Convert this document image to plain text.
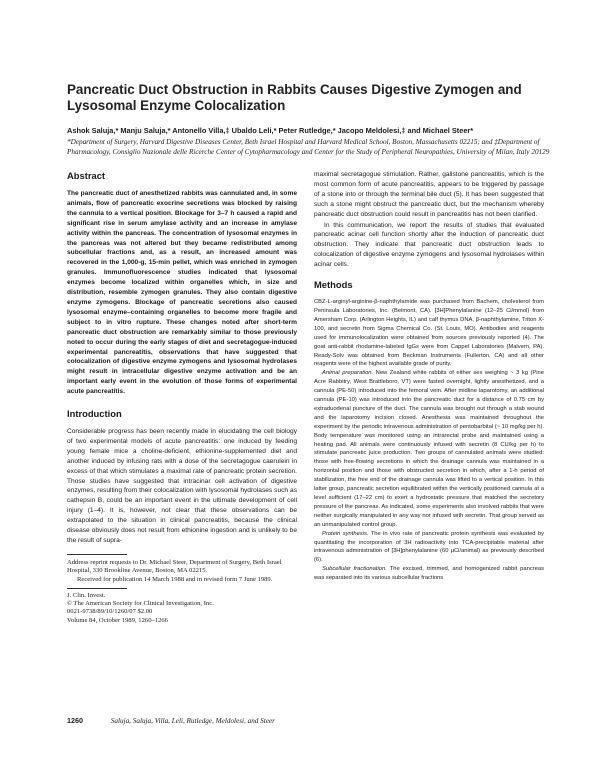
Pancreatic Duct Obstruction in Rabbits Causes Digestive Zymogen and Lysosomal Enzyme Colocalization
Ashok Saluja,* Manju Saluja,* Antonello Villa,‡ Ubaldo Leli,* Peter Rutledge,* Jacopo Meldolesi,‡ and Michael Steer*
*Department of Surgery, Harvard Digestive Diseases Center, Beth Israel Hospital and Harvard Medical School, Boston, Massachusetts 02215; and ‡Department of Pharmacology, Consiglio Nazionale delle Ricerche Center of Cytopharmacology and Center for the Study of Peripheral Neuropathies, University of Milan, Italy 20129
Abstract

The pancreatic duct of anesthetized rabbits was cannulated and, in some animals, flow of pancreatic exocrine secretions was blocked by raising the cannula to a vertical position. Blockage for 3–7 h caused a rapid and significant rise in serum amylase activity and an increase in amylase activity within the pancreas. The concentration of lysosomal enzymes in the pancreas was not altered but they became redistributed among subcellular fractions and, as a result, an increased amount was recovered in the 1,000-g, 15-min pellet, which was enriched in zymogen granules. Immunofluorescence studies indicated that lysosomal enzymes become localized within organelles which, in size and distribution, resemble zymogen granules. They also contain digestive enzyme zymogens. Blockage of pancreatic secretions also caused lysosomal enzyme–containing organelles to become more fragile and subject to in vitro rupture. These changes noted after short-term pancreatic duct obstruction are remarkably similar to those previously noted to occur during the early stages of diet and secretagogue-induced experimental pancreatitis, observations that have suggested that colocalization of digestive enzyme zymogens and lysosomal hydrolases might result in intracellular digestive enzyme activation and be an important early event in the evolution of those forms of experimental acute pancreatitis.

Introduction

Considerable progress has been recently made in elucidating the cell biology of two experimental models of acute pancreatitis: one induced by feeding young female mice a choline-deficient, ethionine-supplemented diet and another induced by infusing rats with a dose of the secretagogue caerulein in excess of that which stimulates a maximal rate of pancreatic protein secretion. Those studies have suggested that intracinar cell activation of digestive enzymes, resulting from their colocalization with lysosomal hydrolases such as cathepsin B, could be an important event in the ultimate development of cell injury (1–4). It is, however, not clear that these observations can be extrapolated to the situation in clinical pancreatitis, because the clinical disease obviously does not result from ethionine ingestion and is unlikely to be the result of supra-

Address reprint requests to Dr. Michael Steer, Department of Surgery, Beth Israel Hospital, 330 Brookline Avenue, Boston, MA 02215.
Received for publication 14 March 1988 and in revised form 7 June 1989.
J. Clin. Invest.
© The American Society for Clinical Investigation, Inc.
0021-9738/89/10/1260/07 $2.00
Volume 84, October 1989, 1260–1266

maximal secretagogue stimulation. Rather, gallstone pancreatitis, which is the most common form of acute pancreatitis, appears to be triggered by passage of a stone into or through the terminal bile duct (5). It has been suggested that such a stone might obstruct the pancreatic duct, but the mechanism whereby pancreatic duct obstruction could result in pancreatitis has not been clarified.

In this communication, we report the results of studies that evaluated pancreatic acinar cell function shortly after the induction of pancreatic duct obstruction. They indicate that pancreatic duct obstruction leads to colocalization of digestive enzyme zymogens and lysosomal hydrolases within acinar cells.

Methods

CBZ-L-arginyl-arginine-β-naphthylamide was purchased from Bachem, cholesterol from Peninsula Laboratories, Inc. (Belmont, CA). [3H]Phenylalanine (12–25 Ci/mmol) from Amersham Corp. (Arlington Heights, IL) and calf thymus DNA, β-naphthylamine, Triton X-100, and secretin from Sigma Chemical Co. (St. Louis, MO). Antibodies and reagents used for immunolocalization were obtained from sources previously reported (4). The goat anti-rabbit rhodamine-labeled IgGs were from Cappel Laboratories (Malvern, PA). Ready-Solv was obtained from Beckman Instruments (Fullerton, CA) and all other reagents were of the highest available grade of purity.

Animal preparation. New Zealand white rabbits of either sex weighing ~ 3 kg (Pine Acre Rabbitry, West Brattleboro, VT) were fasted overnight, lightly anesthetized, and a cannula (PE-50) introduced into the femoral vein. After midline laparotomy, an additional cannula (PE-10) was introduced into the pancreatic duct for a distance of 0.75 cm by extraduodenal puncture of the duct. The cannula was brought out through a stab wound and the laparotomy incision closed. Anesthesia was maintained throughout the experiment by the periodic intravenous administration of pentobarbital (~ 10 mg/kg per h). Body temperature was monitored using an intrarectal probe and maintained using a heating pad. All animals were continuously infused with secretin (8 CU/kg per h) to stimulate pancreatic juice production. Two groups of cannulated animals were studied: those with free-flowing secretions in which the drainage cannula was maintained in a horizontal position and those with obstructed secretion in which, after a 1-h period of stabilization, the free end of the drainage cannula was lifted to a vertical position. In this latter group, pancreatic secretion equilibrated within the vertically positioned cannula at a level sufficient (17–22 cm) to exert a hydrostatic pressure that matched the secretory pressure of the pancreas. As indicated, some experiments also involved rabbits that were neither surgically manipulated in any way nor infused with secretin. That group served as an unmanipulated control group.

Protein synthesis. The in vivo rate of pancreatic protein synthesis was evaluated by quantitating the incorporation of 3H radioactivity into TCA-precipitable material after intravenous administration of [3H]phenylalanine (60 μCi/animal) as previously described (6).

Subcellular fractionation. The excised, trimmed, and homogenized rabbit pancreas was separated into its various subcellular fractions

1260	Saluja, Saluja, Villa, Leli, Rutledge, Meldolesi, and Steer
